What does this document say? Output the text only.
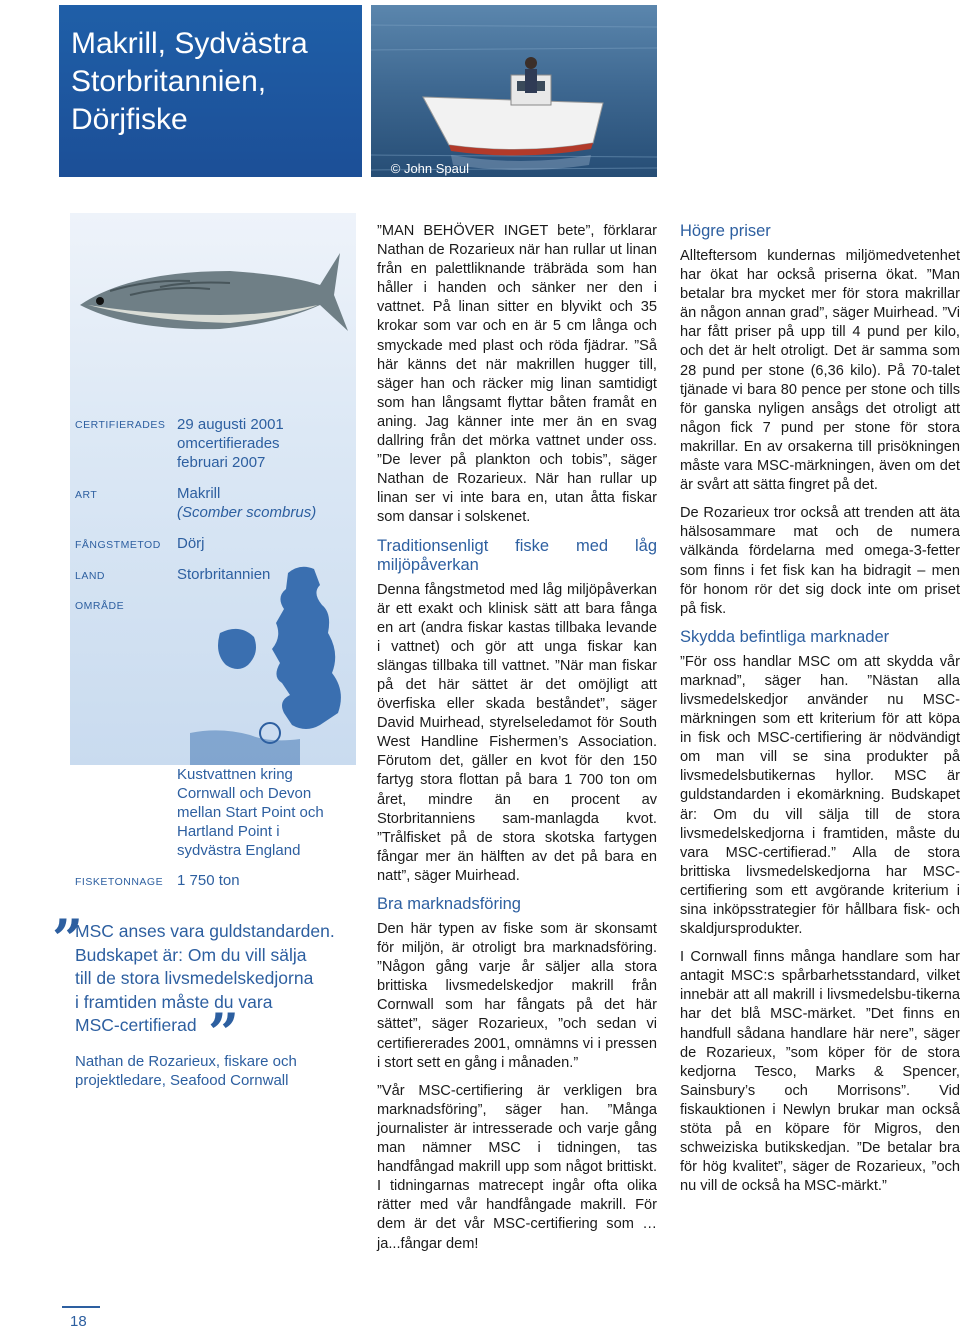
Makrill, Sydvästra
Storbritannien,
Dörjfiske
© John Spaul
CERTIFIERADES 29 augusti 2001
omcertifierades
februari 2007
ART	Makrill
(Scomber scombrus)
FÅNGSTMETOD Dörj
LAND	Storbritannien
OMRÅDE
Kustvattnen kring
Cornwall och Devon
mellan Start Point och
Hartland Point i
sydvästra England
FISKETONNAGE 1 750 ton
”
MSC anses vara guldstandarden.
Budskapet är: Om du vill sälja
till de stora livsmedelskedjorna
i framtiden måste du vara
MSC-certifierad ”
Nathan de Rozarieux, fiskare och
projektledare, Seafood Cornwall

”MAN BEHÖVER INGET bete”, förklarar Nathan de Rozarieux när han rullar ut linan från en palettliknande träbräda som han håller i handen och sänker ner den i vattnet. På linan sitter en blyvikt och 35 krokar som var och en är 5 cm långa och smyckade med plast och röda fjädrar. ”Så här känns det när makrillen hugger till, säger han och räcker mig linan samtidigt som han långsamt flyttar båten framåt en aning. Jag känner inte mer än en svag dallring från det mörka vattnet under oss. ”De lever på plankton och tobis”, säger Nathan de Rozarieux. När han rullar up linan ser vi inte bara en, utan åtta fiskar som dansar i solskenet.

Traditionsenligt fiske med låg miljöpåverkan

Denna fångstmetod med låg miljöpåverkan är ett exakt och klinisk sätt att bara fånga en art (andra fiskar kastas tillbaka levande i vattnet) och gör att unga fiskar kan slängas tillbaka till vattnet. ”När man fiskar på det här sättet är det omöjligt att överfiska eller skada beståndet”, säger David Muirhead, styrelseledamot för South West Handline Fishermen’s Association. Förutom det, gäller en kvot för den 150 fartyg stora flottan på bara 1 700 ton om året, mindre än en procent av Storbritanniens sam-manlagda kvot. ”Trålfisket på de stora skotska fartygen fångar mer än hälften av det på bara en natt”, säger Muirhead.

Bra marknadsföring

Den här typen av fiske som är skonsamt för miljön, är otroligt bra marknadsföring. ”Någon gång varje år säljer alla stora brittiska livsmedelskedjor makrill från Cornwall som har fångats på det här sättet”, säger Rozarieux, ”och sedan vi certifiererades 2001, omnämns vi i pressen i stort sett en gång i månaden.”

”Vår MSC-certifiering är verkligen bra marknadsföring”, säger han. ”Många journalister är intresserade och varje gång man nämner MSC i tidningen, tas handfångad makrill upp som något brittiskt. I tidningarnas matrecept ingår ofta olika rätter med vår handfångade makrill. För dem är det vår MSC-certifiering som … ja...fångar dem!

Högre priser

Allteftersom kundernas miljömedvetenhet har ökat har också priserna ökat. ”Man betalar bra mycket mer för stora makrillar än någon annan grad”, säger Muirhead. ”Vi har fått priser på upp till 4 pund per kilo, och det är helt otroligt. Det är samma som 28 pund per stone (6,36 kilo). På 70-talet tjänade vi bara 80 pence per stone och tills för ganska nyligen ansågs det otroligt att någon fick 7 pund per stone för stora makrillar. En av orsakerna till prisökningen måste vara MSC-märkningen, även om det är svårt att sätta fingret på det.

De Rozarieux tror också att trenden att äta hälsosammare mat och de numera välkända fördelarna med omega-3-fetter som finns i fet fisk kan ha bidragit – men för honom rör det sig dock inte om priset på fisk.

Skydda befintliga marknader

”För oss handlar MSC om att skydda vår marknad”, säger han. ”Nästan alla livsmedelskedjor använder nu MSC-märkningen som ett kriterium för att köpa in fisk och MSC-certifiering är nödvändigt om man vill se sina produkter på livsmedelsbutikernas hyllor. MSC är guldstandarden i ekomärkning. Budskapet är: Om du vill sälja till de stora livsmedelskedjorna i framtiden, måste du vara MSC-certifierad.” Alla de stora brittiska livsmedelskedjorna har MSC-certifiering som ett avgörande kriterium i sina inköpsstrategier för hållbara fisk- och skaldjursprodukter.

I Cornwall finns många handlare som har antagit MSC:s spårbarhetsstandard, vilket innebär att all makrill i livsmedelsbu-tikerna har det blå MSC-märket. ”Det finns en handfull sådana handlare här nere”, säger de Rozarieux, ”som köper för de stora kedjorna Tesco, Marks & Spencer, Sainsbury’s och Morrisons”. Vid fiskauktionen i Newlyn brukar man också stöta på en köpare för Migros, den schweiziska butikskedjan. ”De betalar bra för hög kvalitet”, säger de Rozarieux, ”och nu vill de också ha MSC-märkt.”

18
